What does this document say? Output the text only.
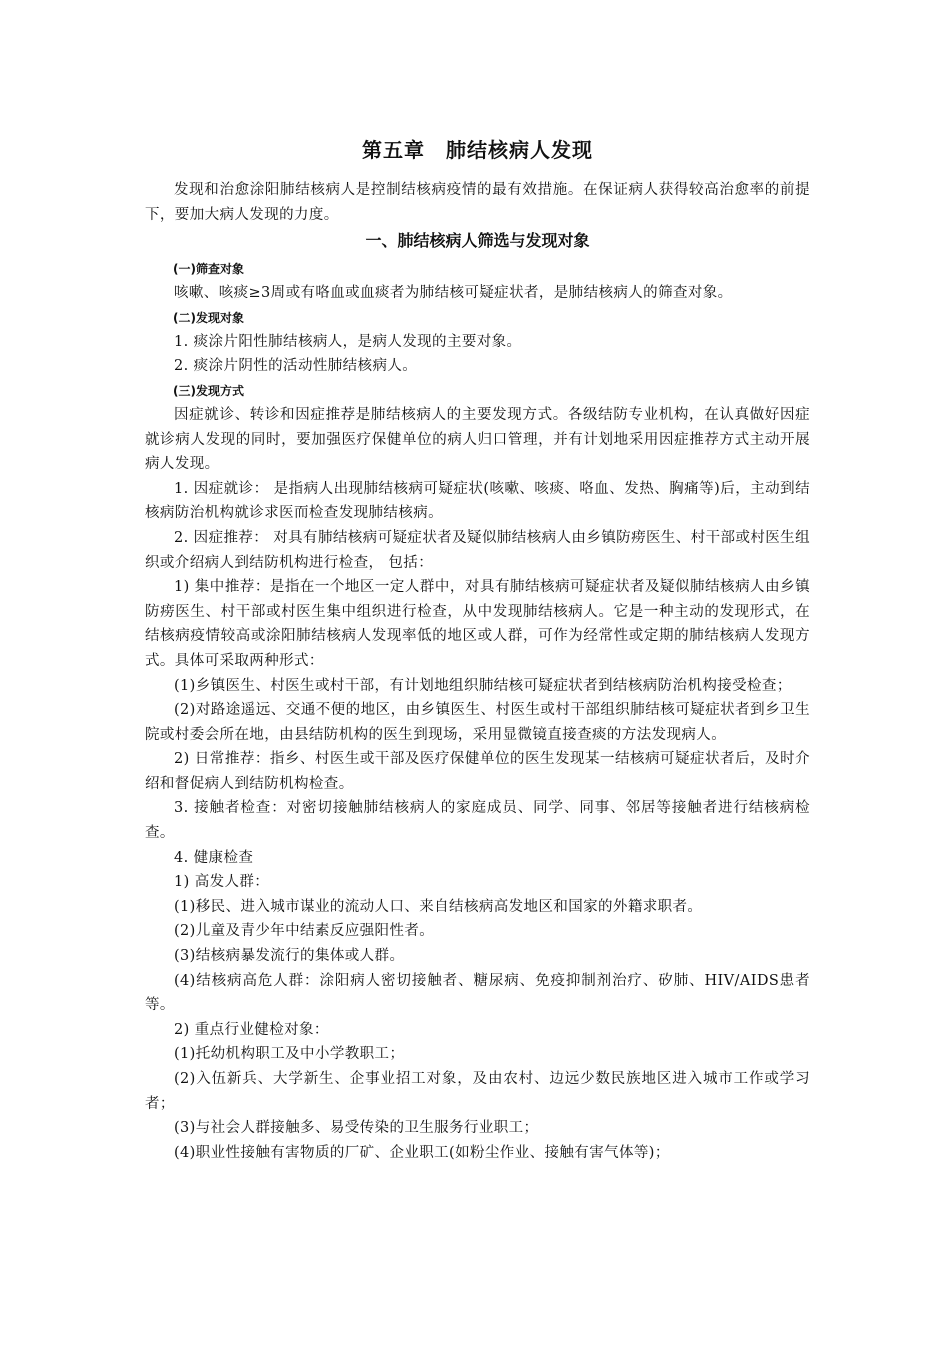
第五章　肺结核病人发现

发现和治愈涂阳肺结核病人是控制结核病疫情的最有效措施。在保证病人获得较高治愈率的前提下，要加大病人发现的力度。

一、肺结核病人筛选与发现对象
(一)筛查对象

咳嗽、咳痰≥3周或有咯血或血痰者为肺结核可疑症状者，是肺结核病人的筛查对象。

(二)发现对象

1. 痰涂片阳性肺结核病人，是病人发现的主要对象。

2. 痰涂片阴性的活动性肺结核病人。

(三)发现方式

因症就诊、转诊和因症推荐是肺结核病人的主要发现方式。各级结防专业机构，在认真做好因症就诊病人发现的同时，要加强医疗保健单位的病人归口管理，并有计划地采用因症推荐方式主动开展病人发现。

1. 因症就诊： 是指病人出现肺结核病可疑症状(咳嗽、咳痰、咯血、发热、胸痛等)后，主动到结核病防治机构就诊求医而检查发现肺结核病。

2. 因症推荐： 对具有肺结核病可疑症状者及疑似肺结核病人由乡镇防痨医生、村干部或村医生组织或介绍病人到结防机构进行检查， 包括：

1) 集中推荐：是指在一个地区一定人群中，对具有肺结核病可疑症状者及疑似肺结核病人由乡镇防痨医生、村干部或村医生集中组织进行检查，从中发现肺结核病人。它是一种主动的发现形式，在结核病疫情较高或涂阳肺结核病人发现率低的地区或人群，可作为经常性或定期的肺结核病人发现方式。具体可采取两种形式：

(1)乡镇医生、村医生或村干部，有计划地组织肺结核可疑症状者到结核病防治机构接受检查；

(2)对路途遥远、交通不便的地区，由乡镇医生、村医生或村干部组织肺结核可疑症状者到乡卫生院或村委会所在地，由县结防机构的医生到现场，采用显微镜直接查痰的方法发现病人。

2) 日常推荐：指乡、村医生或干部及医疗保健单位的医生发现某一结核病可疑症状者后，及时介绍和督促病人到结防机构检查。

3. 接触者检查：对密切接触肺结核病人的家庭成员、同学、同事、邻居等接触者进行结核病检查。

4. 健康检查

1) 高发人群：

(1)移民、进入城市谋业的流动人口、来自结核病高发地区和国家的外籍求职者。

(2)儿童及青少年中结素反应强阳性者。

(3)结核病暴发流行的集体或人群。

(4)结核病高危人群：涂阳病人密切接触者、糖尿病、免疫抑制剂治疗、矽肺、HIV/AIDS患者等。

2) 重点行业健检对象：

(1)托幼机构职工及中小学教职工；

(2)入伍新兵、大学新生、企事业招工对象，及由农村、边远少数民族地区进入城市工作或学习者；

(3)与社会人群接触多、易受传染的卫生服务行业职工；

(4)职业性接触有害物质的厂矿、企业职工(如粉尘作业、接触有害气体等)；
